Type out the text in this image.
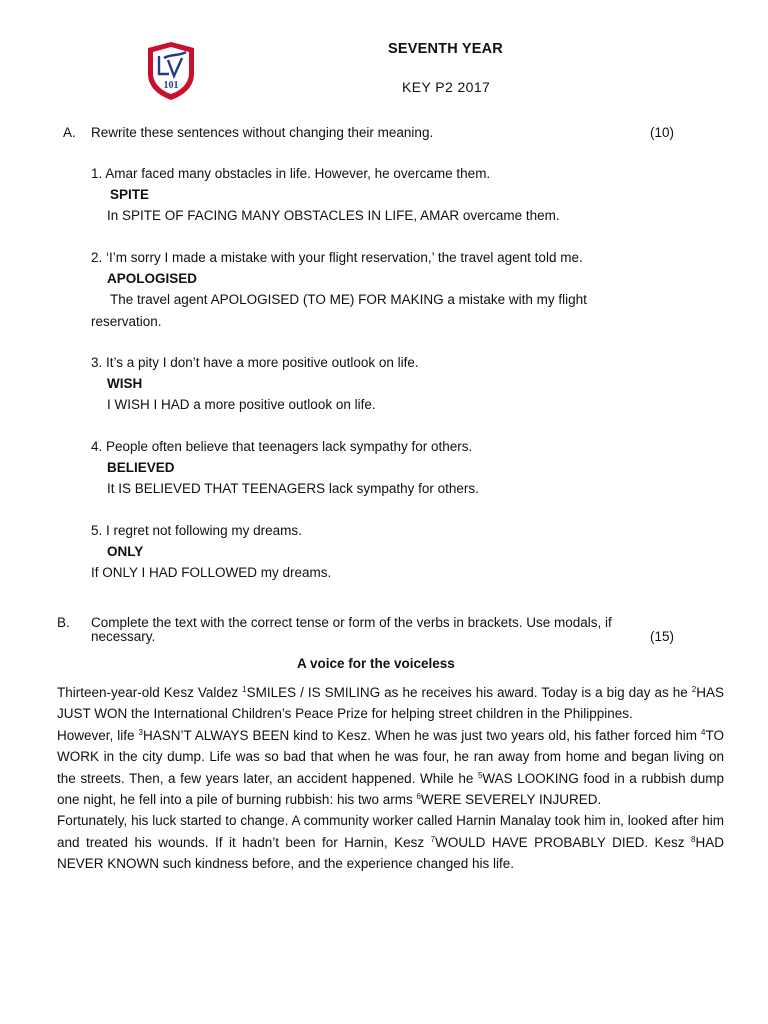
101
SEVENTH YEAR
KEY P2 2017
A. Rewrite these sentences without changing their meaning.	(10)
1. Amar faced many obstacles in life. However, he overcame them.
SPITE
In SPITE OF FACING MANY OBSTACLES IN LIFE, AMAR overcame them.
2. ‘I’m sorry I made a mistake with your flight reservation,’ the travel agent told me.
APOLOGISED
The travel agent APOLOGISED (TO ME) FOR MAKING a mistake with my flight
reservation.
3. It’s a pity I don’t have a more positive outlook on life.
WISH
I WISH I HAD a more positive outlook on life.
4. People often believe that teenagers lack sympathy for others.
BELIEVED
It IS BELIEVED THAT TEENAGERS lack sympathy for others.
5. I regret not following my dreams.
ONLY
If ONLY I HAD FOLLOWED my dreams.
B. Complete the text with the correct tense or form of the verbs in brackets. Use modals, if
necessary.	(15)
A voice for the voiceless

Thirteen-year-old Kesz Valdez $^1$SMILES / IS SMILING as he receives his award. Today is a big day as he $^2$HAS JUST WON the International Children’s Peace Prize for helping street children in the Philippines.

However, life $^3$HASN’T ALWAYS BEEN kind to Kesz. When he was just two years old, his father forced him $^4$TO WORK in the city dump. Life was so bad that when he was four, he ran away from home and began living on the streets. Then, a few years later, an accident happened. While he $^5$WAS LOOKING food in a rubbish dump one night, he fell into a pile of burning rubbish: his two arms $^6$WERE SEVERELY INJURED.

Fortunately, his luck started to change. A community worker called Harnin Manalay took him in, looked after him and treated his wounds. If it hadn’t been for Harnin, Kesz $^7$WOULD HAVE PROBABLY DIED. Kesz $^8$HAD NEVER KNOWN such kindness before, and the experience changed his life.
